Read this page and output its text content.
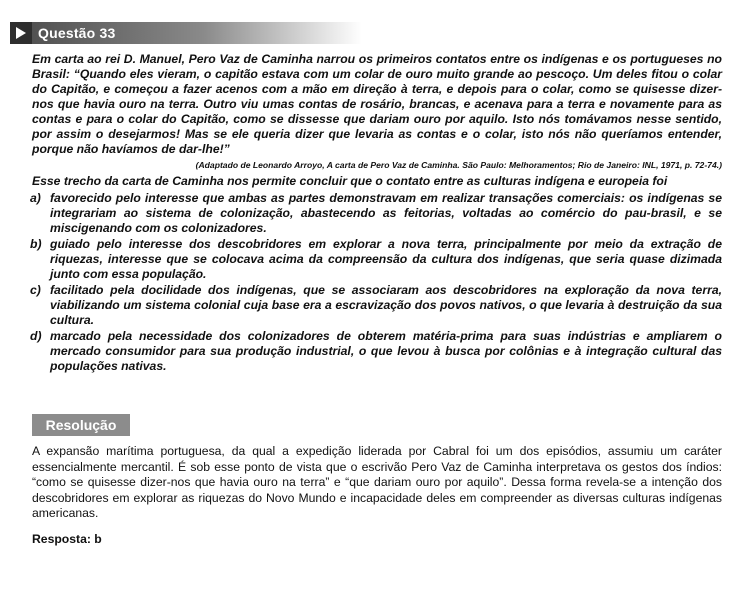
Questão 33

Em carta ao rei D. Manuel, Pero Vaz de Caminha narrou os primeiros contatos entre os indígenas e os portugueses no Brasil: “Quando eles vieram, o capitão estava com um colar de ouro muito grande ao pescoço. Um deles fitou o colar do Capitão, e começou a fazer acenos com a mão em direção à terra, e depois para o colar, como se quisesse dizer-nos que havia ouro na terra. Outro viu umas contas de rosário, brancas, e acenava para a terra e novamente para as contas e para o colar do Capitão, como se dissesse que dariam ouro por aquilo. Isto nós tomávamos nesse sentido, por assim o desejarmos! Mas se ele queria dizer que levaria as contas e o colar, isto nós não queríamos entender, porque não havíamos de dar-lhe!”

(Adaptado de Leonardo Arroyo, A carta de Pero Vaz de Caminha. São Paulo: Melhoramentos; Rio de Janeiro: INL, 1971, p. 72-74.)

Esse trecho da carta de Caminha nos permite concluir que o contato entre as culturas indígena e europeia foi

a) favorecido pelo interesse que ambas as partes demonstravam em realizar transações comerciais: os indígenas se integrariam ao sistema de colonização, abastecendo as feitorias, voltadas ao comércio do pau-brasil, e se miscigenando com os colonizadores.
b) guiado pelo interesse dos descobridores em explorar a nova terra, principalmente por meio da extração de riquezas, interesse que se colocava acima da compreensão da cultura dos indígenas, que seria quase dizimada junto com essa população.
c) facilitado pela docilidade dos indígenas, que se associaram aos descobridores na exploração da nova terra, viabilizando um sistema colonial cuja base era a escravização dos povos nativos, o que levaria à destruição da sua cultura.
d) marcado pela necessidade dos colonizadores de obterem matéria-prima para suas indústrias e ampliarem o mercado consumidor para sua produção industrial, o que levou à busca por colônias e à integração cultural das populações nativas.
Resolução

A expansão marítima portuguesa, da qual a expedição liderada por Cabral foi um dos episódios, assumiu um caráter essencialmente mercantil. É sob esse ponto de vista que o escrivão Pero Vaz de Caminha interpretava os gestos dos índios: “como se quisesse dizer-nos que havia ouro na terra” e “que dariam ouro por aquilo”. Dessa forma revela-se a intenção dos descobridores em explorar as riquezas do Novo Mundo e incapacidade deles em compreender as diversas culturas indígenas americanas.

Resposta: b
